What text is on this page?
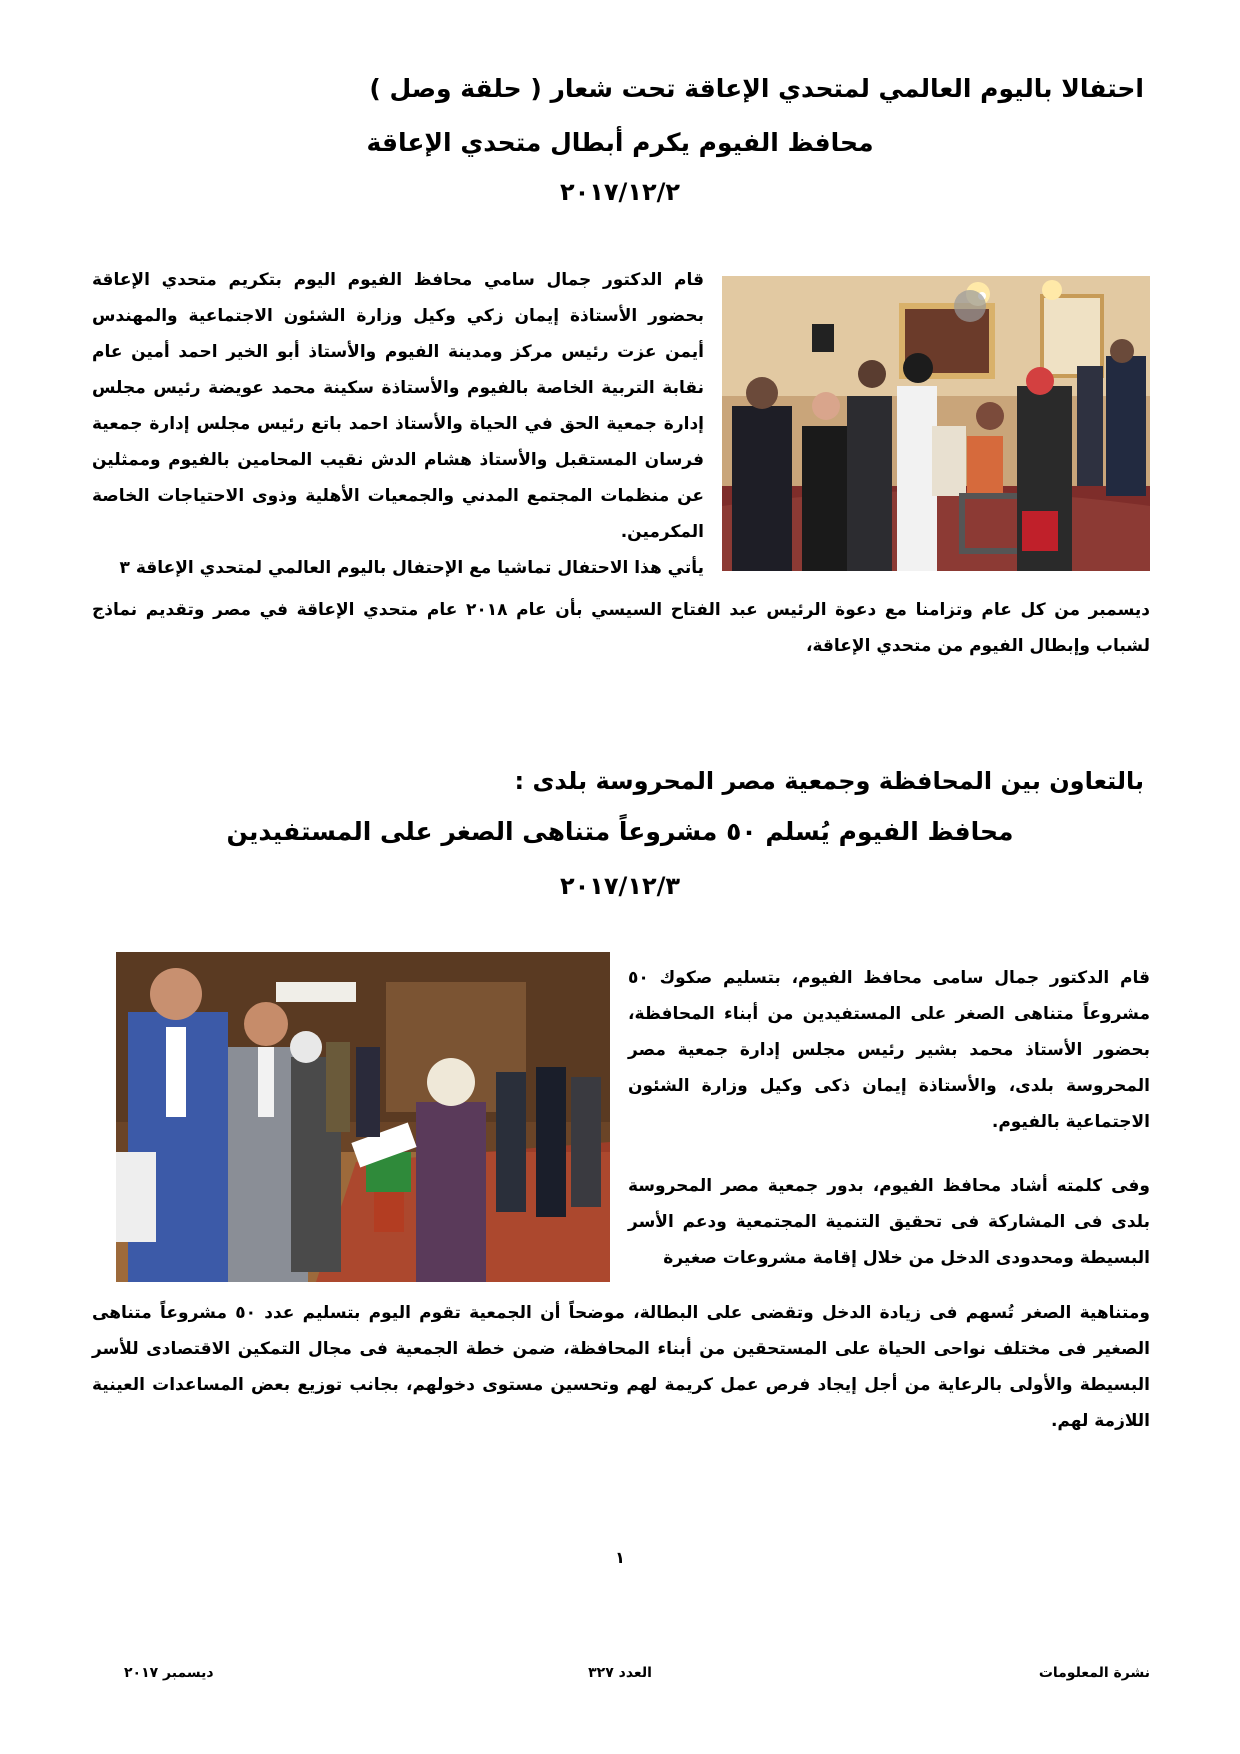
احتفالا باليوم العالمي لمتحدي الإعاقة تحت شعار ( حلقة وصل )
محافظ الفيوم يكرم أبطال متحدي الإعاقة
٢٠١٧/١٢/٢
قام الدكتور جمال سامي محافظ الفيوم اليوم بتكريم متحدي الإعاقة بحضور الأستاذة إيمان زكي وكيل وزارة الشئون الاجتماعية والمهندس أيمن عزت رئيس مركز ومدينة الفيوم والأستاذ أبو الخير احمد أمين عام نقابة التربية الخاصة بالفيوم والأستاذة سكينة محمد عويضة رئيس مجلس إدارة جمعية الحق في الحياة والأستاذ احمد باتع رئيس مجلس إدارة جمعية فرسان المستقبل والأستاذ هشام الدش نقيب المحامين بالفيوم وممثلين عن منظمات المجتمع المدني والجمعيات الأهلية وذوى الاحتياجات الخاصة المكرمين.
يأتي هذا الاحتفال تماشيا مع الإحتفال باليوم العالمي لمتحدي الإعاقة ٣
ديسمبر من كل عام وتزامنا مع دعوة الرئيس عبد الفتاح السيسي بأن عام ٢٠١٨ عام متحدي الإعاقة في مصر وتقديم نماذج لشباب وإبطال الفيوم من متحدي الإعاقة،
بالتعاون بين المحافظة وجمعية مصر المحروسة بلدى :
محافظ الفيوم يُسلم ٥٠ مشروعاً متناهى الصغر على المستفيدين
٢٠١٧/١٢/٣
قام الدكتور جمال سامى محافظ الفيوم، بتسليم صكوك ٥٠ مشروعاً متناهى الصغر على المستفيدين من أبناء المحافظة، بحضور الأستاذ محمد بشير رئيس مجلس إدارة جمعية مصر المحروسة بلدى، والأستاذة إيمان ذكى وكيل وزارة الشئون الاجتماعية بالفيوم.
وفى كلمته أشاد محافظ الفيوم، بدور جمعية مصر المحروسة بلدى فى المشاركة فى تحقيق التنمية المجتمعية ودعم الأسر البسيطة ومحدودى الدخل من خلال إقامة مشروعات صغيرة
ومتناهية الصغر تُسهم فى زيادة الدخل وتقضى على البطالة، موضحاً أن الجمعية تقوم اليوم بتسليم عدد ٥٠ مشروعاً متناهى الصغير فى مختلف نواحى الحياة على المستحقين من أبناء المحافظة، ضمن خطة الجمعية فى مجال التمكين الاقتصادى للأسر البسيطة والأولى بالرعاية من أجل إيجاد فرص عمل كريمة لهم وتحسين مستوى دخولهم، بجانب توزيع بعض المساعدات العينية اللازمة لهم.
١
ديسمبر ٢٠١٧	العدد ٣٢٧	نشرة المعلومات
